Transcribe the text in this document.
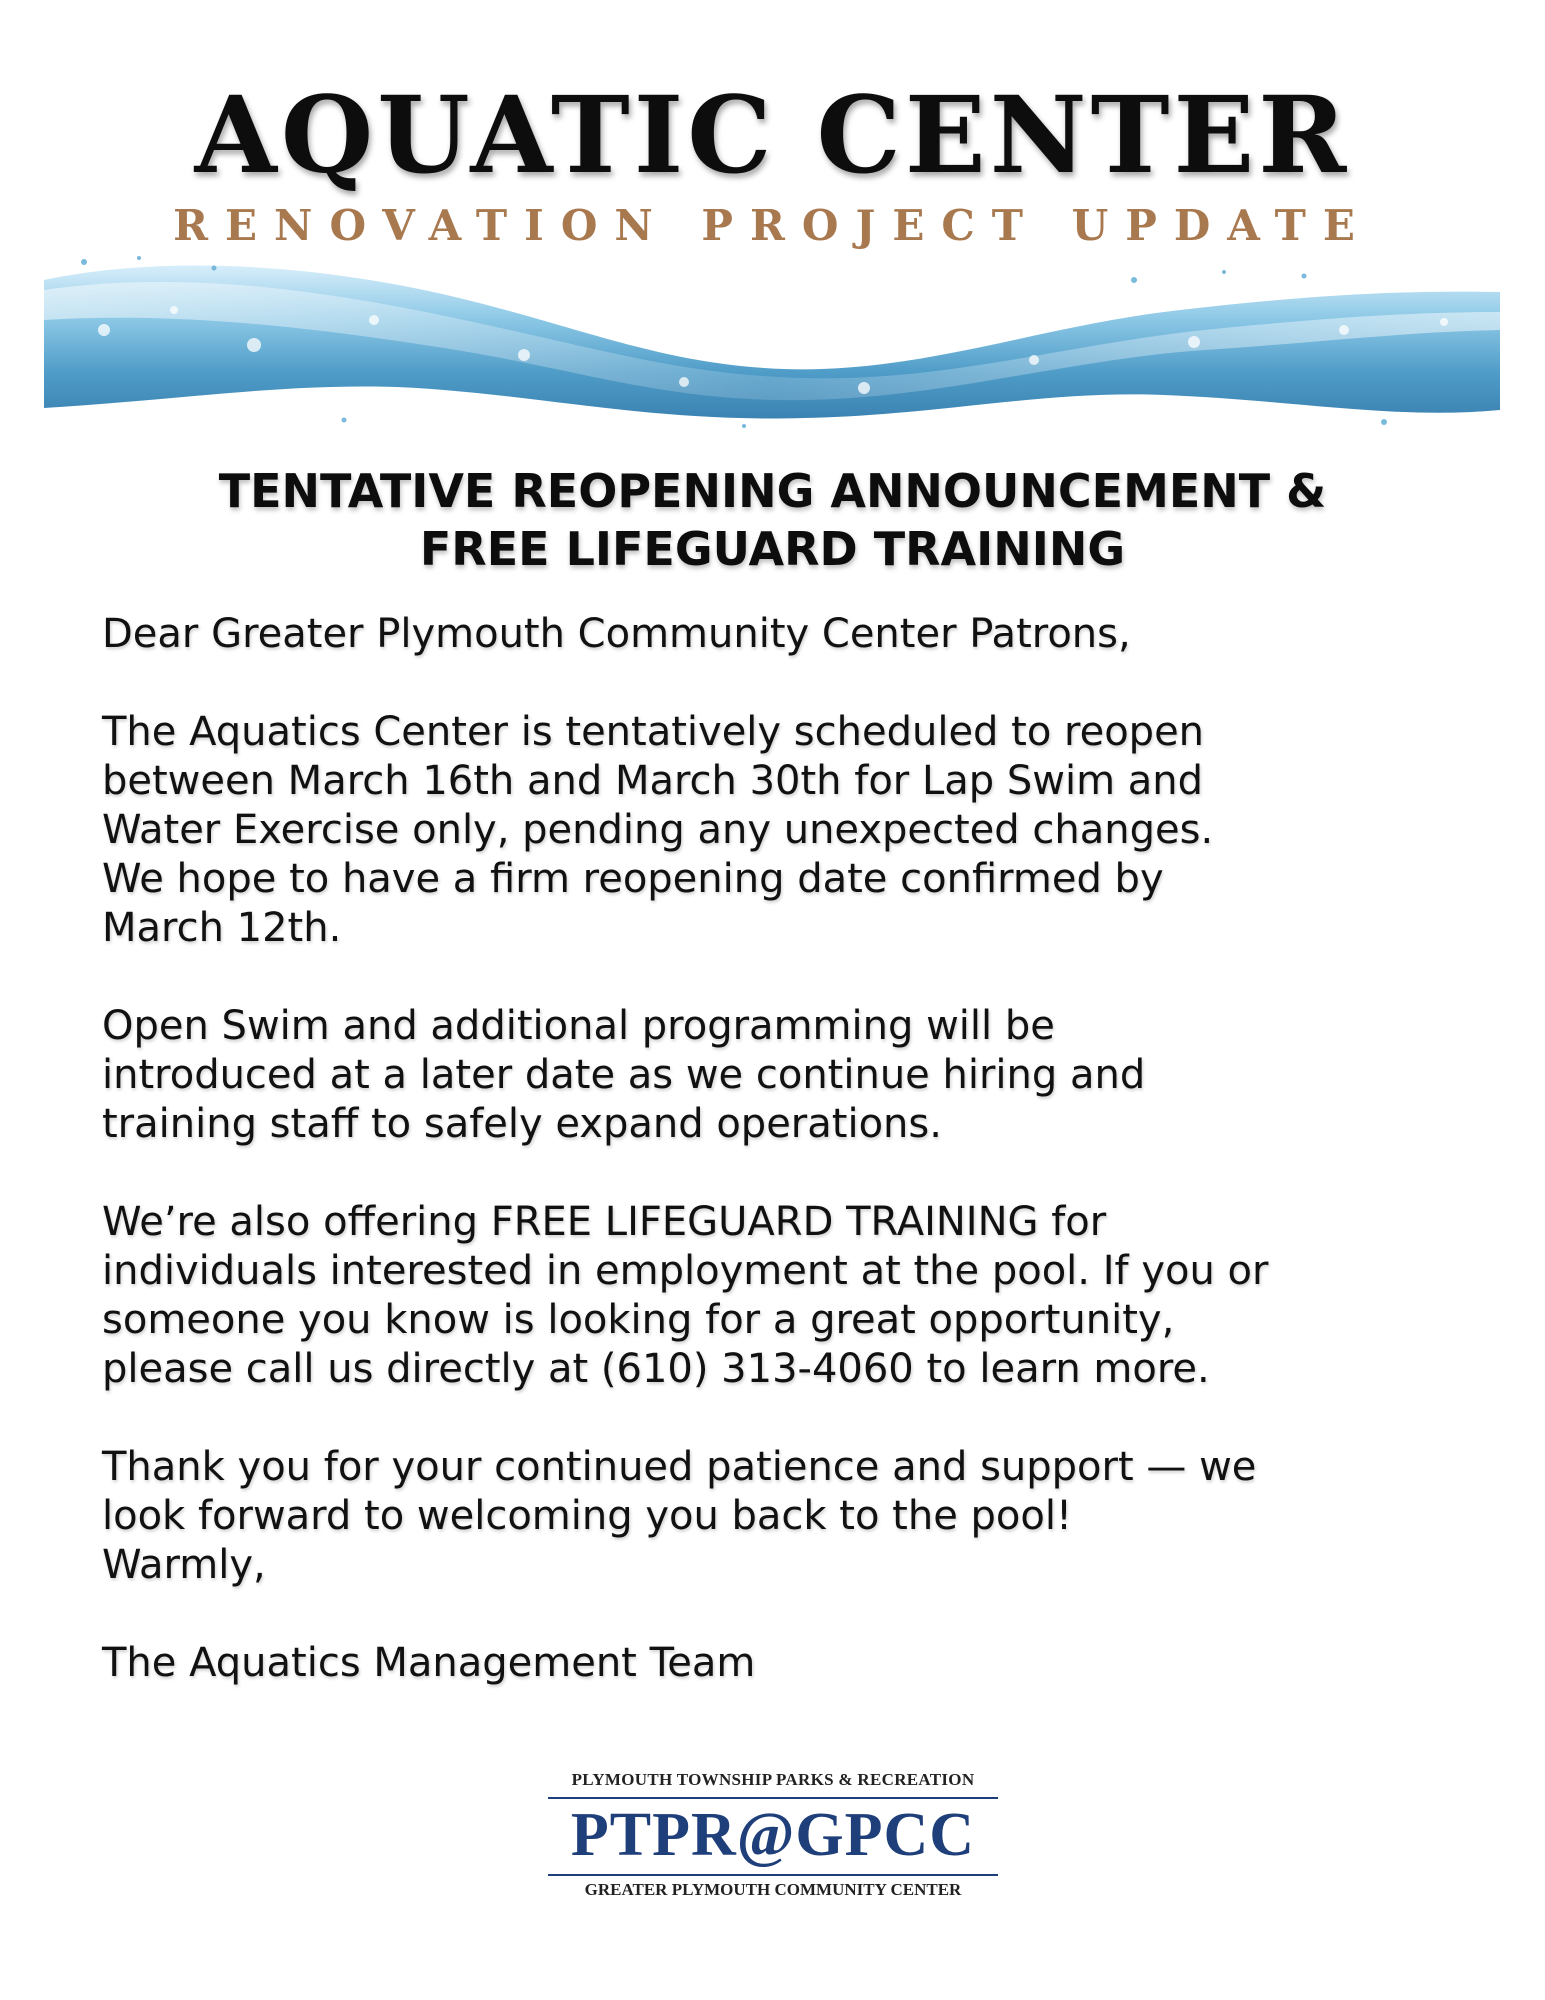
AQUATIC CENTER
RENOVATION PROJECT UPDATE
TENTATIVE REOPENING ANNOUNCEMENT &
FREE LIFEGUARD TRAINING

Dear Greater Plymouth Community Center Patrons,

The Aquatics Center is tentatively scheduled to reopen

between March 16th and March 30th for Lap Swim and

Water Exercise only, pending any unexpected changes.

We hope to have a firm reopening date confirmed by

March 12th.

Open Swim and additional programming will be

introduced at a later date as we continue hiring and

training staff to safely expand operations.

We’re also offering FREE LIFEGUARD TRAINING for

individuals interested in employment at the pool. If you or

someone you know is looking for a great opportunity,

please call us directly at (610) 313-4060 to learn more.

Thank you for your continued patience and support — we

look forward to welcoming you back to the pool!

Warmly,

The Aquatics Management Team

PLYMOUTH TOWNSHIP PARKS & RECREATION
PTPR@GPCC
GREATER PLYMOUTH COMMUNITY CENTER
